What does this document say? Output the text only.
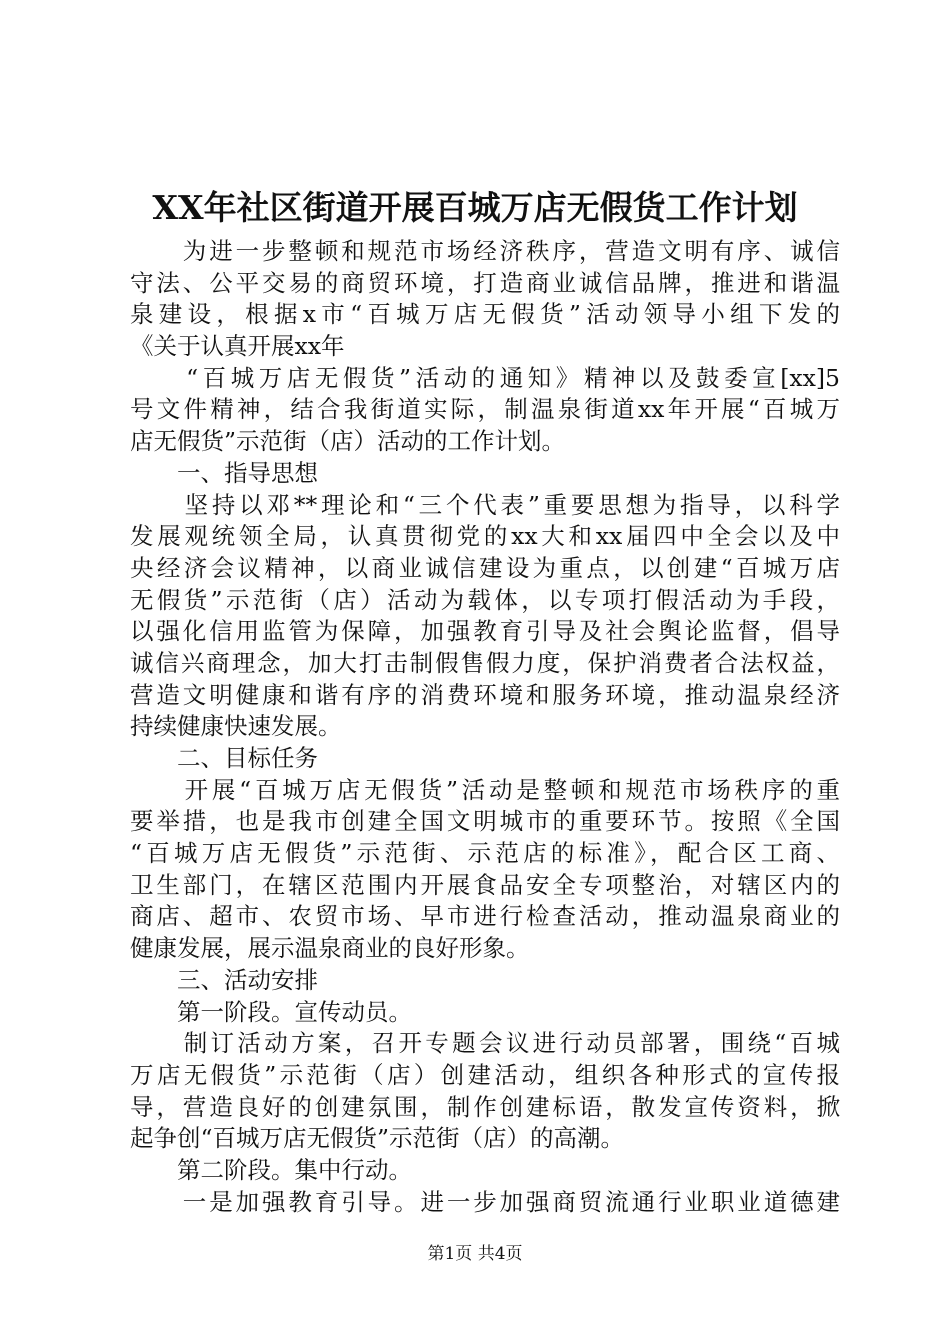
XX年社区街道开展百城万店无假货工作计划
　　为进一步整顿和规范市场经济秩序，营造文明有序、诚信
守法、公平交易的商贸环境，打造商业诚信品牌，推进和谐温
泉建设，根据x市“百城万店无假货”活动领导小组下发的
《关于认真开展xx年
　　“百城万店无假货”活动的通知》精神以及鼓委宣[xx]5
号文件精神，结合我街道实际，制温泉街道xx年开展“百城万
店无假货”示范街（店）活动的工作计划。
　　一、指导思想
　　坚持以邓**理论和“三个代表”重要思想为指导，以科学
发展观统领全局，认真贯彻党的xx大和xx届四中全会以及中
央经济会议精神，以商业诚信建设为重点，以创建“百城万店
无假货”示范街（店）活动为载体，以专项打假活动为手段，
以强化信用监管为保障，加强教育引导及社会舆论监督，倡导
诚信兴商理念，加大打击制假售假力度，保护消费者合法权益，
营造文明健康和谐有序的消费环境和服务环境，推动温泉经济
持续健康快速发展。
　　二、目标任务
　　开展“百城万店无假货”活动是整顿和规范市场秩序的重
要举措，也是我市创建全国文明城市的重要环节。按照《全国
“百城万店无假货”示范街、示范店的标准》，配合区工商、
卫生部门，在辖区范围内开展食品安全专项整治，对辖区内的
商店、超市、农贸市场、早市进行检查活动，推动温泉商业的
健康发展，展示温泉商业的良好形象。
　　三、活动安排
　　第一阶段。宣传动员。
　　制订活动方案，召开专题会议进行动员部署，围绕“百城
万店无假货”示范街（店）创建活动，组织各种形式的宣传报
导，营造良好的创建氛围，制作创建标语，散发宣传资料，掀
起争创“百城万店无假货”示范街（店）的高潮。
　　第二阶段。集中行动。
　　一是加强教育引导。进一步加强商贸流通行业职业道德建
第1页 共4页
